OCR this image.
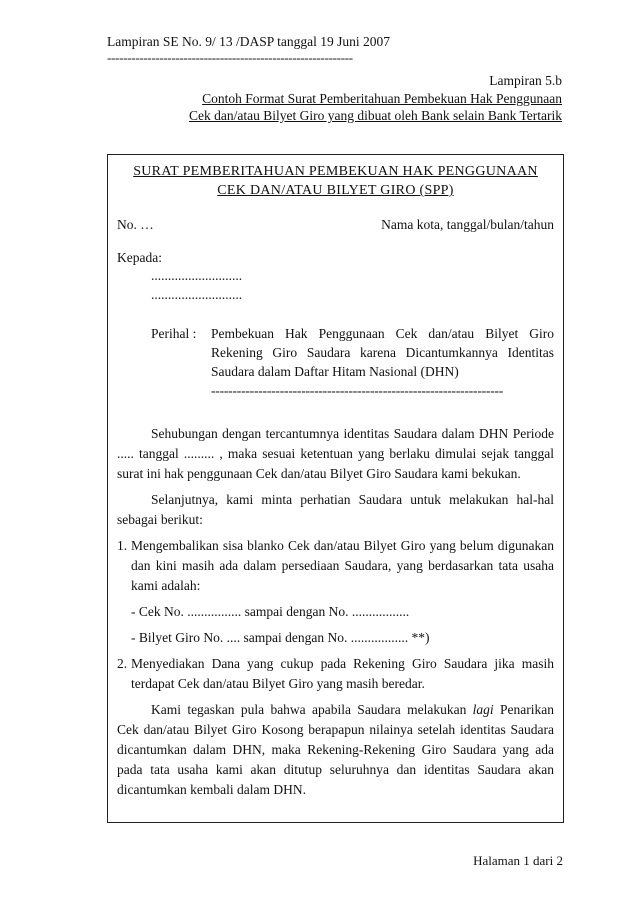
Lampiran SE No. 9/ 13 /DASP tanggal 19 Juni 2007
-------------------------------------------------------------
Lampiran 5.b
Contoh Format Surat Pemberitahuan Pembekuan Hak Penggunaan
Cek dan/atau Bilyet Giro yang dibuat oleh Bank selain Bank Tertarik
SURAT PEMBERITAHUAN PEMBEKUAN HAK PENGGUNAAN
CEK DAN/ATAU BILYET GIRO (SPP)
No. …	Nama kota, tanggal/bulan/tahun
Kepada:
...........................
...........................
Perihal :	Pembekuan Hak Penggunaan Cek dan/atau Bilyet Giro Rekening Giro Saudara karena Dicantumkannya Identitas Saudara dalam Daftar Hitam Nasional (DHN)
--------------------------------------------------------------------

Sehubungan dengan tercantumnya identitas Saudara dalam DHN Periode ..... tanggal ......... , maka sesuai ketentuan yang berlaku dimulai sejak tanggal surat ini hak penggunaan Cek dan/atau Bilyet Giro Saudara kami bekukan.

Selanjutnya, kami minta perhatian Saudara untuk melakukan hal-hal sebagai berikut:

1. Mengembalikan sisa blanko Cek dan/atau Bilyet Giro yang belum digunakan dan kini masih ada dalam persediaan Saudara, yang berdasarkan tata usaha kami adalah:
- Cek No. ................ sampai dengan No. .................
- Bilyet Giro No. .... sampai dengan No. ................. **)
2. Menyediakan Dana yang cukup pada Rekening Giro Saudara jika masih terdapat Cek dan/atau Bilyet Giro yang masih beredar.

Kami tegaskan pula bahwa apabila Saudara melakukan lagi Penarikan Cek dan/atau Bilyet Giro Kosong berapapun nilainya setelah identitas Saudara dicantumkan dalam DHN, maka Rekening-Rekening Giro Saudara yang ada pada tata usaha kami akan ditutup seluruhnya dan identitas Saudara akan dicantumkan kembali dalam DHN.

Halaman 1 dari 2
